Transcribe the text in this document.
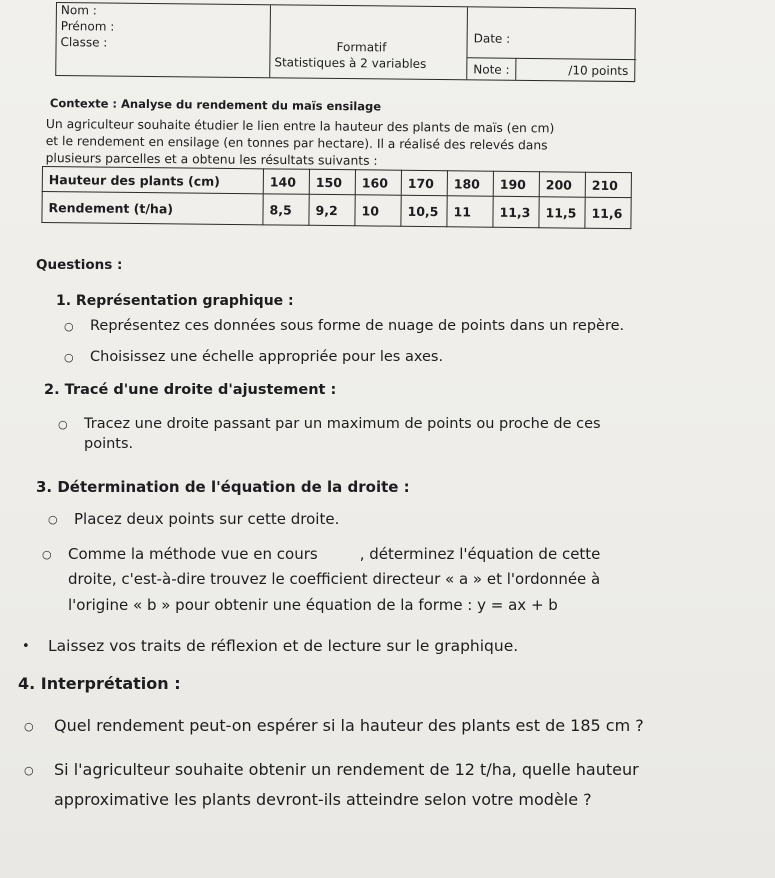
Nom :
Prénom :
Classe :	Formatif
Statistiques à 2 variables
Date :
Note :	/10 points
Contexte : Analyse du rendement du maïs ensilage
Un agriculteur souhaite étudier le lien entre la hauteur des plants de maïs (en cm)
et le rendement en ensilage (en tonnes par hectare). Il a réalisé des relevés dans
plusieurs parcelles et a obtenu les résultats suivants :
Hauteur des plants (cm)	140	150	160	170	180	190	200	210
Rendement (t/ha)	8,5	9,2	10	10,5	11	11,3	11,5	11,6
Questions :
1. Représentation graphique :
○ Représentez ces données sous forme de nuage de points dans un repère.
○ Choisissez une échelle appropriée pour les axes.
2. Tracé d'une droite d'ajustement :
○ Tracez une droite passant par un maximum de points ou proche de ces
points.
3. Détermination de l'équation de la droite :
○ Placez deux points sur cette droite.
○ Comme la méthode vue en cours	, déterminez l'équation de cette
droite, c'est-à-dire trouvez le coefficient directeur « a » et l'ordonnée à
l'origine « b » pour obtenir une équation de la forme : y = ax + b
• Laissez vos traits de réflexion et de lecture sur le graphique.
4. Interprétation :
○ Quel rendement peut-on espérer si la hauteur des plants est de 185 cm ?
○ Si l'agriculteur souhaite obtenir un rendement de 12 t/ha, quelle hauteur
approximative les plants devront-ils atteindre selon votre modèle ?
